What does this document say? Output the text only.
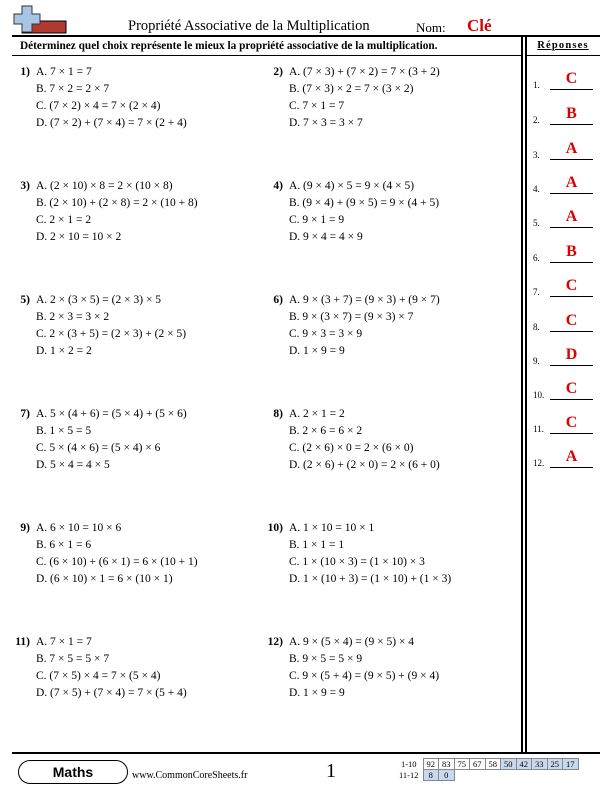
Propriété Associative de la Multiplication	Nom: Clé
Déterminez quel choix représente le mieux la propriété associative de la multiplication.	Réponses
1) A. 7 × 1 = 7
B. 7 × 2 = 2 × 7
C. (7 × 2) × 4 = 7 × (2 × 4)
D. (7 × 2) + (7 × 4) = 7 × (2 + 4)
2) A. (7 × 3) + (7 × 2) = 7 × (3 + 2)
B. (7 × 3) × 2 = 7 × (3 × 2)
C. 7 × 1 = 7
D. 7 × 3 = 3 × 7
3) A. (2 × 10) × 8 = 2 × (10 × 8)
B. (2 × 10) + (2 × 8) = 2 × (10 + 8)
C. 2 × 1 = 2
D. 2 × 10 = 10 × 2
4) A. (9 × 4) × 5 = 9 × (4 × 5)
B. (9 × 4) + (9 × 5) = 9 × (4 + 5)
C. 9 × 1 = 9
D. 9 × 4 = 4 × 9
5) A. 2 × (3 × 5) = (2 × 3) × 5
B. 2 × 3 = 3 × 2
C. 2 × (3 + 5) = (2 × 3) + (2 × 5)
D. 1 × 2 = 2
6) A. 9 × (3 + 7) = (9 × 3) + (9 × 7)
B. 9 × (3 × 7) = (9 × 3) × 7
C. 9 × 3 = 3 × 9
D. 1 × 9 = 9
7) A. 5 × (4 + 6) = (5 × 4) + (5 × 6)
B. 1 × 5 = 5
C. 5 × (4 × 6) = (5 × 4) × 6
D. 5 × 4 = 4 × 5
8) A. 2 × 1 = 2
B. 2 × 6 = 6 × 2
C. (2 × 6) × 0 = 2 × (6 × 0)
D. (2 × 6) + (2 × 0) = 2 × (6 + 0)
9) A. 6 × 10 = 10 × 6
B. 6 × 1 = 6
C. (6 × 10) + (6 × 1) = 6 × (10 + 1)
D. (6 × 10) × 1 = 6 × (10 × 1)
10) A. 1 × 10 = 10 × 1
B. 1 × 1 = 1
C. 1 × (10 × 3) = (1 × 10) × 3
D. 1 × (10 + 3) = (1 × 10) + (1 × 3)
11) A. 7 × 1 = 7
B. 7 × 5 = 5 × 7
C. (7 × 5) × 4 = 7 × (5 × 4)
D. (7 × 5) + (7 × 4) = 7 × (5 + 4)
12) A. 9 × (5 × 4) = (9 × 5) × 4
B. 9 × 5 = 5 × 9
C. 9 × (5 + 4) = (9 × 5) + (9 × 4)
D. 1 × 9 = 9
1.	C
2.	B
3.	A
4.	A
5.	A
6.	B
7.	C
8.	C
9.	D
10.	C
11.	C
12.	A
Maths	www.CommonCoreSheets.fr	1	1-10	92	83	75	67	58	50	42	33	25	17
11-12	8	0								
